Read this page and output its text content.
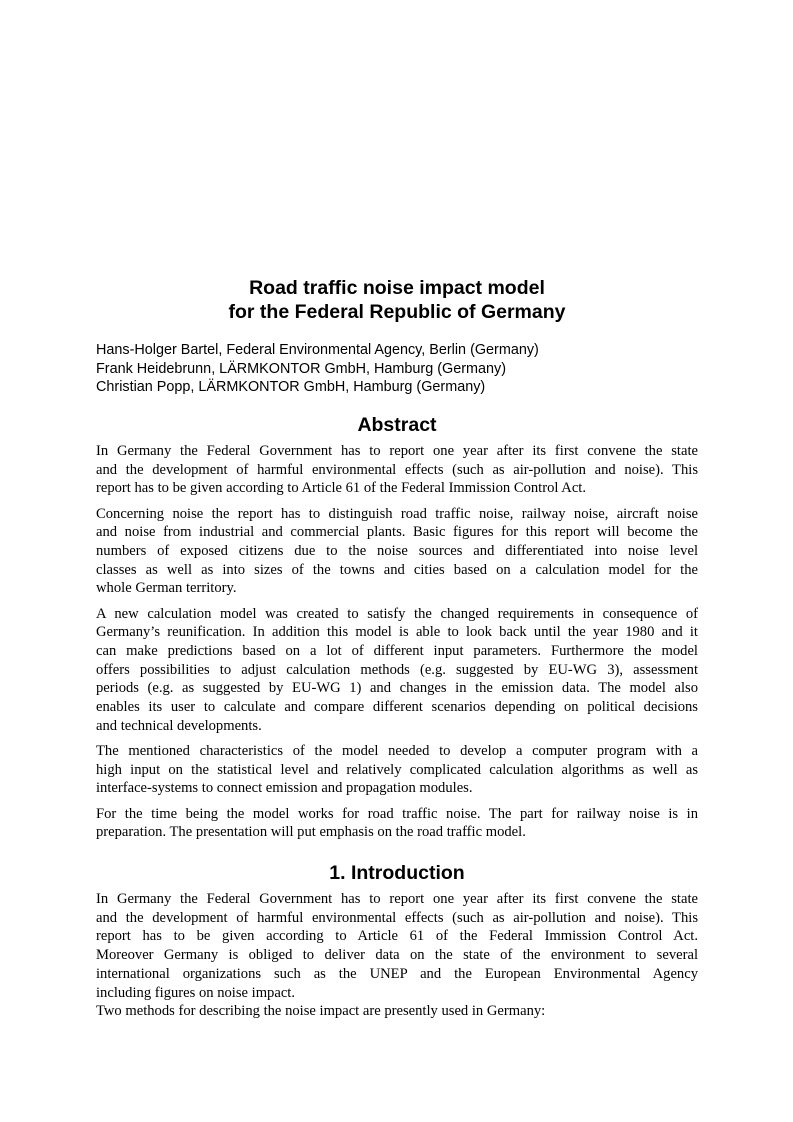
Road traffic noise impact model
for the Federal Republic of Germany
Hans-Holger Bartel, Federal Environmental Agency, Berlin (Germany)
Frank Heidebrunn, LÄRMKONTOR GmbH, Hamburg (Germany)
Christian Popp, LÄRMKONTOR GmbH, Hamburg (Germany)
Abstract

In Germany the Federal Government has to report one year after its first convene the state
and the development of harmful environmental effects (such as air-pollution and noise). This
report has to be given according to Article 61 of the Federal Immission Control Act.

Concerning noise the report has to distinguish road traffic noise, railway noise, aircraft noise
and noise from industrial and commercial plants. Basic figures for this report will become the
numbers of exposed citizens due to the noise sources and differentiated into noise level
classes as well as into sizes of the towns and cities based on a calculation model for the
whole German territory.

A new calculation model was created to satisfy the changed requirements in consequence of
Germany’s reunification. In addition this model is able to look back until the year 1980 and it
can make predictions based on a lot of different input parameters. Furthermore the model
offers possibilities to adjust calculation methods (e.g. suggested by EU-WG 3), assessment
periods (e.g. as suggested by EU-WG 1) and changes in the emission data. The model also
enables its user to calculate and compare different scenarios depending on political decisions
and technical developments.

The mentioned characteristics of the model needed to develop a computer program with a
high input on the statistical level and relatively complicated calculation algorithms as well as
interface-systems to connect emission and propagation modules.

For the time being the model works for road traffic noise. The part for railway noise is in
preparation. The presentation will put emphasis on the road traffic model.

1. Introduction

In Germany the Federal Government has to report one year after its first convene the state
and the development of harmful environmental effects (such as air-pollution and noise). This
report has to be given according to Article 61 of the Federal Immission Control Act.
Moreover Germany is obliged to deliver data on the state of the environment to several
international organizations such as the UNEP and the European Environmental Agency
including figures on noise impact.

Two methods for describing the noise impact are presently used in Germany:
